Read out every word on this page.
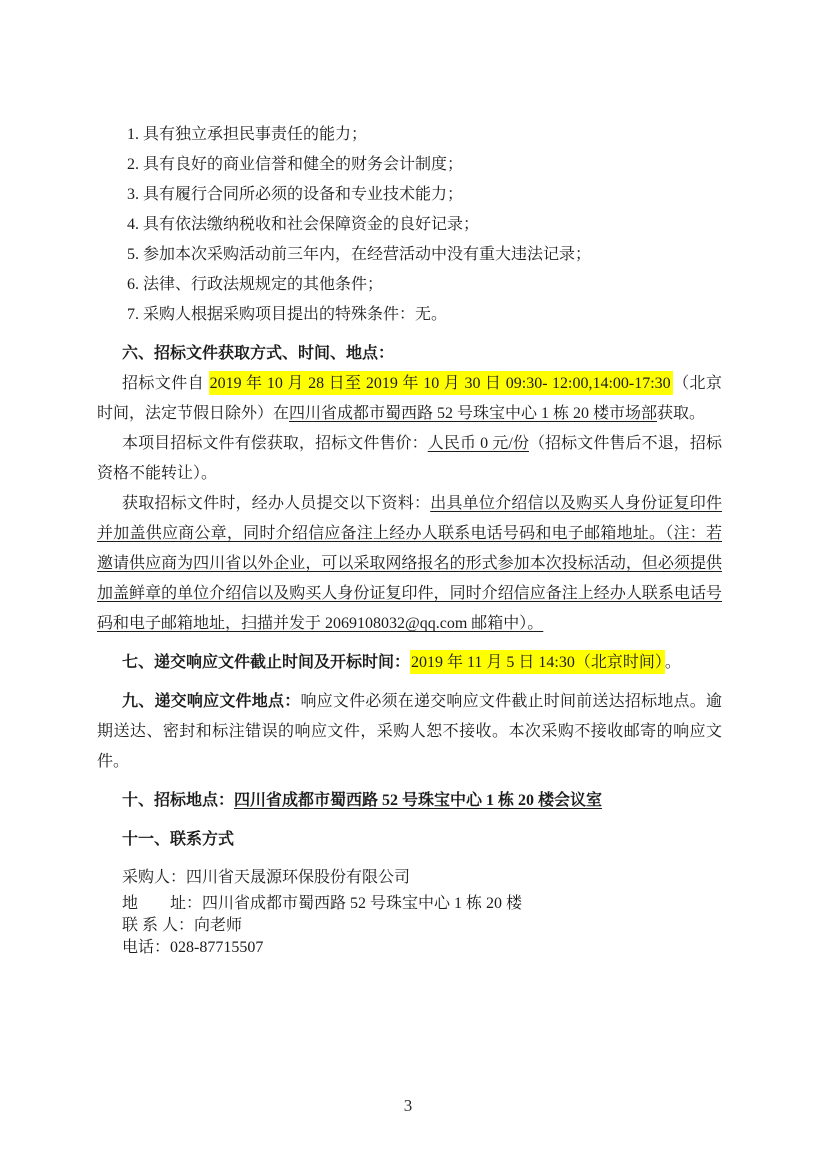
1. 具有独立承担民事责任的能力；

2. 具有良好的商业信誉和健全的财务会计制度；

3. 具有履行合同所必须的设备和专业技术能力；

4. 具有依法缴纳税收和社会保障资金的良好记录；

5. 参加本次采购活动前三年内，在经营活动中没有重大违法记录；

6. 法律、行政法规规定的其他条件；

7. 采购人根据采购项目提出的特殊条件：无。

六、招标文件获取方式、时间、地点：

招标文件自 2019 年 10 月 28 日至 2019 年 10 月 30 日 09:30- 12:00,14:00-17:30 （北京时间，法定节假日除外）在四川省成都市蜀西路 52 号珠宝中心 1 栋 20 楼市场部获取。

本项目招标文件有偿获取，招标文件售价：人民币 0 元/份（招标文件售后不退，招标资格不能转让）。

获取招标文件时，经办人员提交以下资料：出具单位介绍信以及购买人身份证复印件并加盖供应商公章，同时介绍信应备注上经办人联系电话号码和电子邮箱地址。（注：若邀请供应商为四川省以外企业，可以采取网络报名的形式参加本次投标活动，但必须提供加盖鲜章的单位介绍信以及购买人身份证复印件，同时介绍信应备注上经办人联系电话号码和电子邮箱地址，扫描并发于 2069108032@qq.com 邮箱中）。

七、递交响应文件截止时间及开标时间：2019 年 11 月 5 日 14:30（北京时间） 。

九、递交响应文件地点：响应文件必须在递交响应文件截止时间前送达招标地点。逾期送达、密封和标注错误的响应文件，采购人恕不接收。本次采购不接收邮寄的响应文件。

十、招标地点：四川省成都市蜀西路 52 号珠宝中心 1 栋 20 楼会议室

十一、联系方式

采购人：四川省天晟源环保股份有限公司

地　　址：四川省成都市蜀西路 52 号珠宝中心 1 栋 20 楼

联 系 人：向老师

电话：028-87715507

3
